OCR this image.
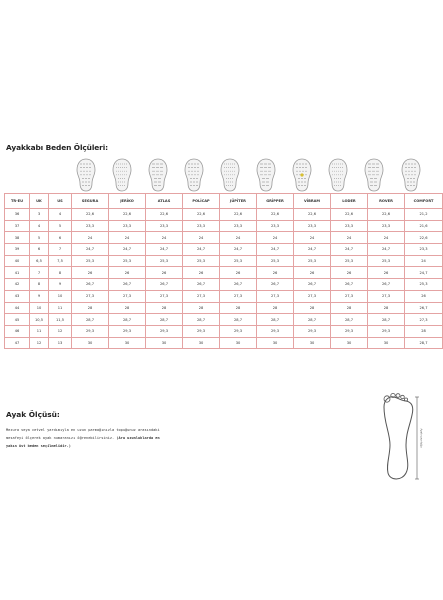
Ayakkabı Beden Ölçüleri:
TR-EU	UK	US	SEGURA	JERİKO	ATLAS	POLİCAP	JÜPİTER	GRİPPER	VİBRAM	LODER	ROVER	COMFORT
36	3	4	22,6	22,6	22,6	22,6	22,6	22,6	22,6	22,6	22,6	21,2
37	4	5	23,3	23,3	23,3	23,3	23,3	23,3	23,3	23,3	23,3	21,6
38	5	6	24	24	24	24	24	24	24	24	24	22,6
39	6	7	24,7	24,7	24,7	24,7	24,7	24,7	24,7	24,7	24,7	23,3
40	6,5	7,5	25,3	25,3	25,3	25,3	25,3	25,3	25,3	25,3	25,3	24
41	7	8	26	26	26	26	26	26	26	26	26	24,7
42	8	9	26,7	26,7	26,7	26,7	26,7	26,7	26,7	26,7	26,7	25,3
43	9	10	27,3	27,3	27,3	27,3	27,3	27,3	27,3	27,3	27,3	26
44	10	11	28	28	28	28	28	28	28	28	28	26,7
45	10,5	11,5	28,7	28,7	28,7	28,7	28,7	28,7	28,7	28,7	28,7	27,3
46	11	12	29,3	29,3	29,3	29,3	29,3	29,3	29,3	29,3	29,3	28
47	12	13	30	30	30	30	30	30	30	30	30	28,7
Ayak Ölçüsü:
Mezura veya cetvel yardımıyla en uzun parmağınızla topuğunuz arasındaki
mesafeyi ölçerek ayak numaranızı öğrenebilirsiniz. (Ara uzunluklarda en
yakın üst beden seçilmelidir.)	Ayak uzunluğu
